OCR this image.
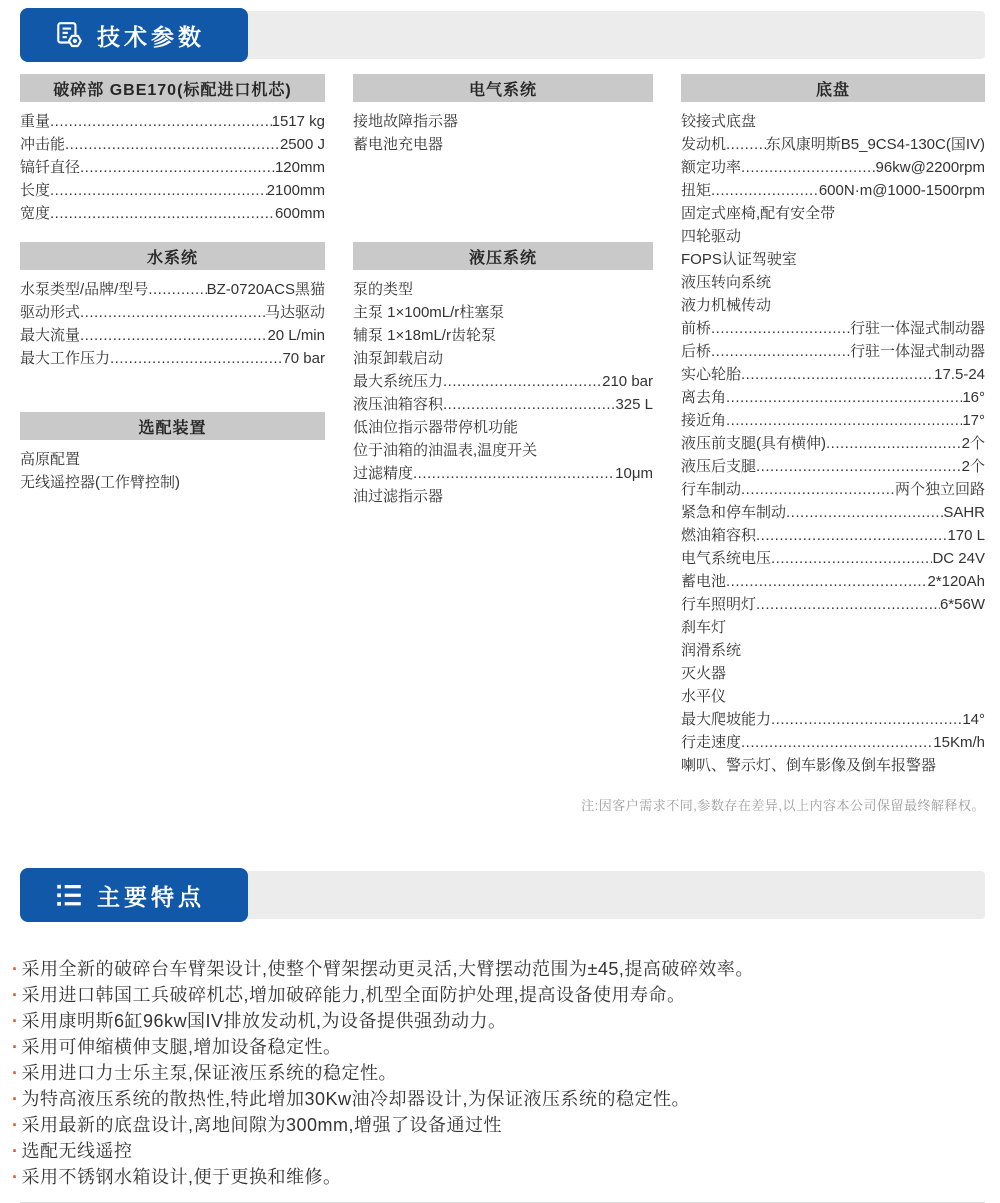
技术参数
破碎部 GBE170(标配进口机芯)
重量 .....	1517 kg
冲击能 .....	2500 J
镐钎直径 .....	120mm
长度 .....	2100mm
宽度 .....	600mm
水系统
水泵类型/品牌/型号 .....	BZ-0720ACS黑猫
驱动形式 .....	马达驱动
最大流量 .....	20 L/min
最大工作压力 .....	70 bar
选配装置
高原配置
无线遥控器(工作臂控制)
电气系统
接地故障指示器
蓄电池充电器
液压系统
泵的类型
主泵 1×100mL/r柱塞泵
辅泵 1×18mL/r齿轮泵
油泵卸载启动
最大系统压力 .....	210 bar
液压油箱容积 .....	325 L
低油位指示器带停机功能
位于油箱的油温表,温度开关
过滤精度 .....	10μm
油过滤指示器
底盘
铰接式底盘
发动机 .....	东风康明斯B5_9CS4-130C(国IV)
额定功率 .....	96kw@2200rpm
扭矩 .....	600N·m@1000-1500rpm
固定式座椅,配有安全带
四轮驱动
FOPS认证驾驶室
液压转向系统
液力机械传动
前桥 .....	行驻一体湿式制动器
后桥 .....	行驻一体湿式制动器
实心轮胎 .....	17.5-24
离去角 .....	16°
接近角 .....	17°
液压前支腿(具有横伸) .....	2个
液压后支腿 .....	2个
行车制动 .....	两个独立回路
紧急和停车制动 .....	SAHR
燃油箱容积 .....	170 L
电气系统电压 .....	DC 24V
蓄电池 .....	2*120Ah
行车照明灯 .....	6*56W
刹车灯
润滑系统
灭火器
水平仪
最大爬坡能力 .....	14°
行走速度 .....	15Km/h
喇叭、警示灯、倒车影像及倒车报警器
注:因客户需求不同,参数存在差异,以上内容本公司保留最终解释权。
主要特点
· 采用全新的破碎台车臂架设计,使整个臂架摆动更灵活,大臂摆动范围为±45,提高破碎效率。
· 采用进口韩国工兵破碎机芯,增加破碎能力,机型全面防护处理,提高设备使用寿命。
· 采用康明斯6缸96kw国IV排放发动机,为设备提供强劲动力。
· 采用可伸缩横伸支腿,增加设备稳定性。
· 采用进口力士乐主泵,保证液压系统的稳定性。
· 为特高液压系统的散热性,特此增加30Kw油冷却器设计,为保证液压系统的稳定性。
· 采用最新的底盘设计,离地间隙为300mm,增强了设备通过性
· 选配无线遥控
· 采用不锈钢水箱设计,便于更换和维修。
